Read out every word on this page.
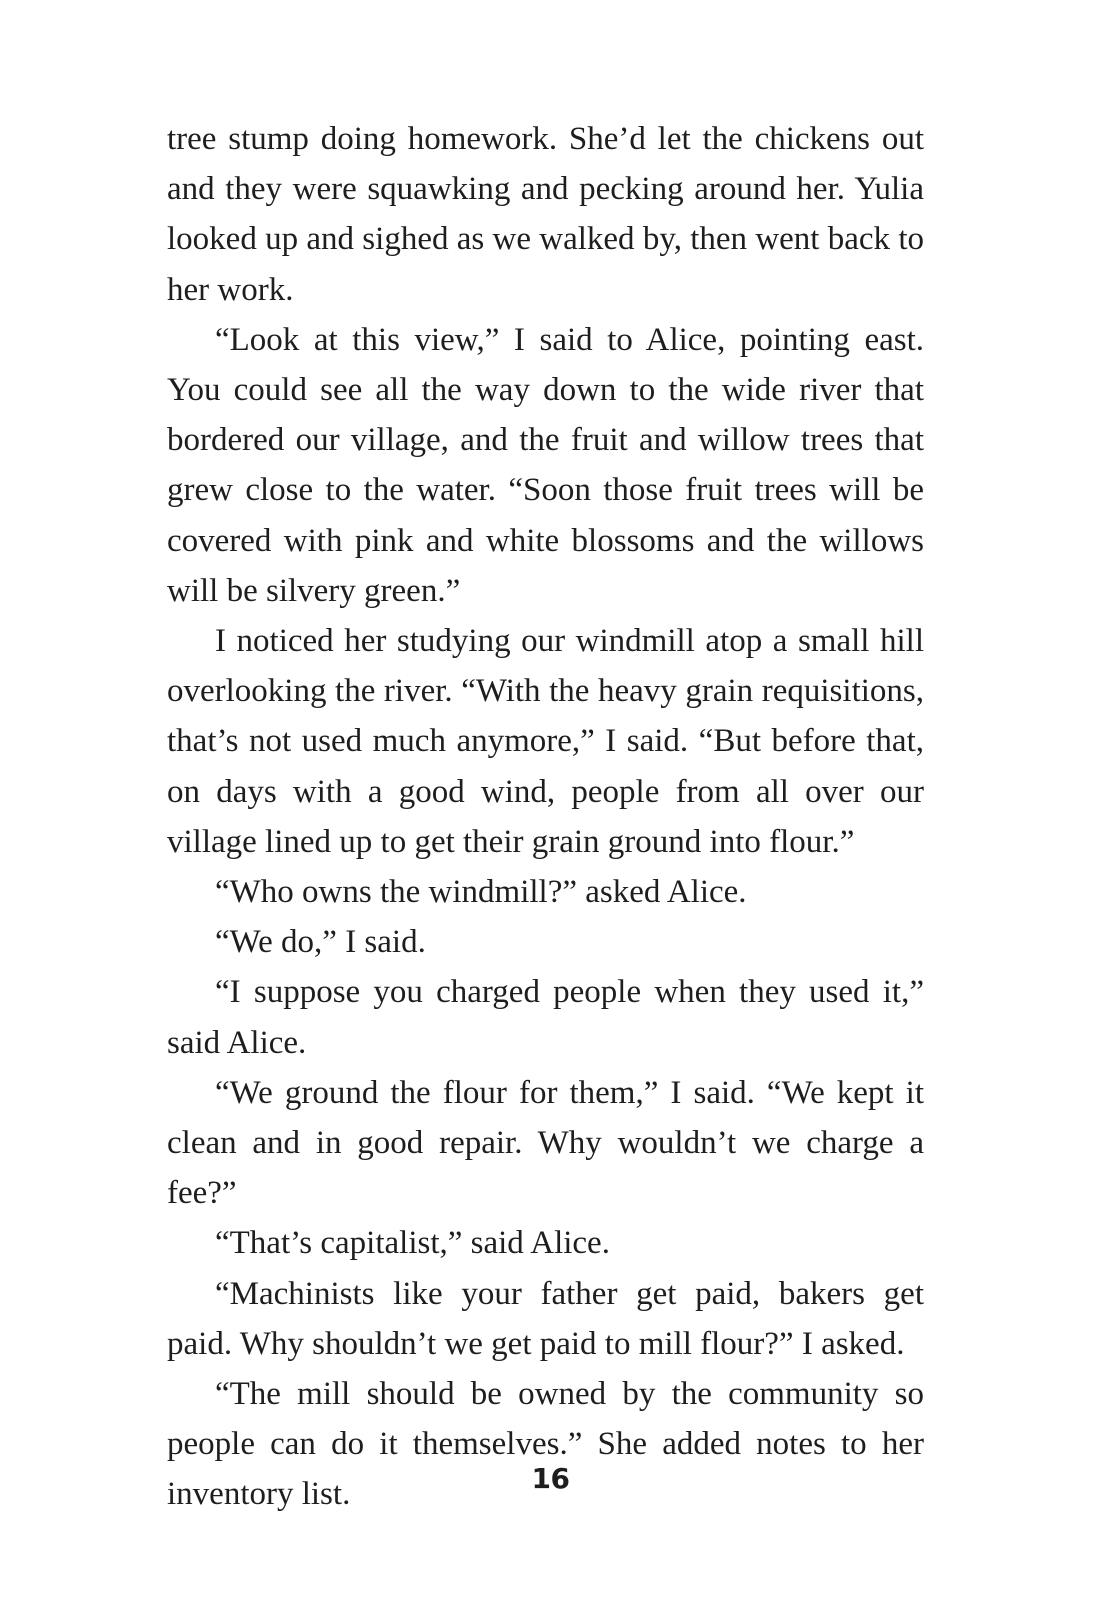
tree stump doing homework. She’d let the chickens out and they were squawking and pecking around her. Yulia looked up and sighed as we walked by, then went back to her work.

“Look at this view,” I said to Alice, pointing east. You could see all the way down to the wide river that bordered our village, and the fruit and willow trees that grew close to the water. “Soon those fruit trees will be covered with pink and white blossoms and the willows will be silvery green.”

I noticed her studying our windmill atop a small hill overlooking the river. “With the heavy grain requisitions, that’s not used much anymore,” I said. “But before that, on days with a good wind, people from all over our village lined up to get their grain ground into flour.”

“Who owns the windmill?” asked Alice.

“We do,” I said.

“I suppose you charged people when they used it,” said Alice.

“We ground the flour for them,” I said. “We kept it clean and in good repair. Why wouldn’t we charge a fee?”

“That’s capitalist,” said Alice.

“Machinists like your father get paid, bakers get paid. Why shouldn’t we get paid to mill flour?” I asked.

“The mill should be owned by the community so people can do it themselves.” She added notes to her inventory list.	16
